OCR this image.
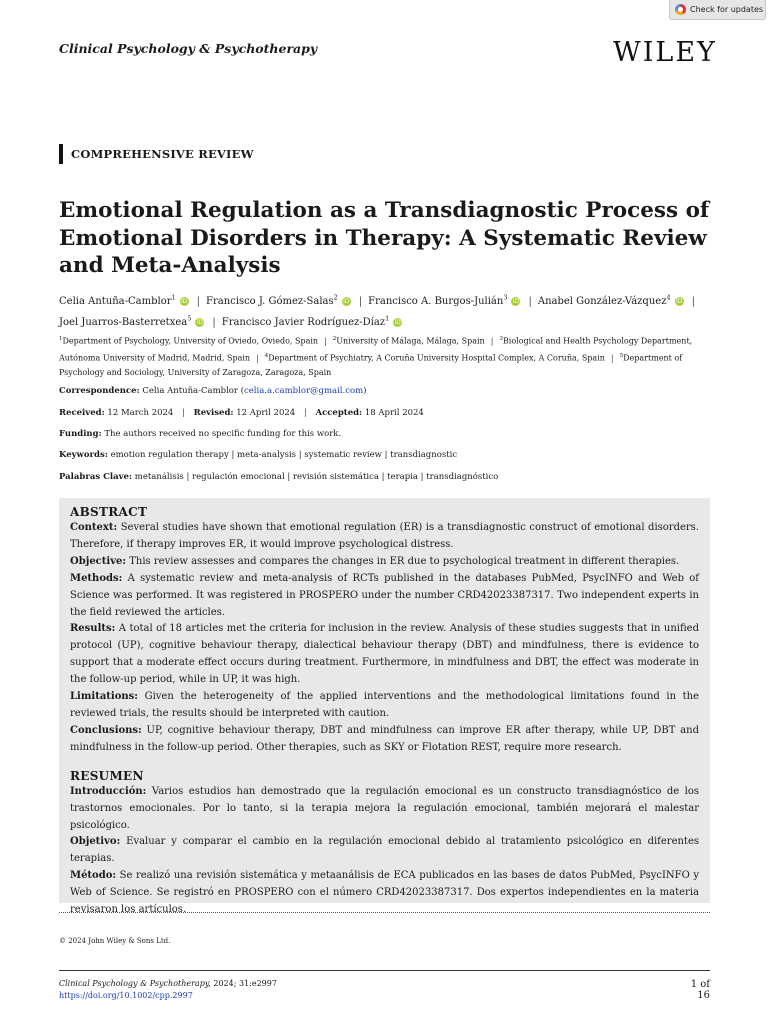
Check for updates
Clinical Psychology & Psychotherapy	WILEY
COMPREHENSIVE REVIEW
Emotional Regulation as a Transdiagnostic Process of Emotional Disorders in Therapy: A Systematic Review and Meta-Analysis
Celia Antuña-Camblor$^1$ iD | Francisco J. Gómez-Salas$^2$ iD | Francisco A. Burgos-Julián$^3$ iD | Anabel González-Vázquez$^4$ iD |
Joel Juarros-Basterretxea$^5$ iD | Francisco Javier Rodríguez-Díaz$^1$ iD
$^1$Department of Psychology, University of Oviedo, Oviedo, Spain | $^2$University of Málaga, Málaga, Spain | $^3$Biological and Health Psychology Department, Autónoma University of Madrid, Madrid, Spain | $^4$Department of Psychiatry, A Coruña University Hospital Complex, A Coruña, Spain | $^5$Department of Psychology and Sociology, University of Zaragoza, Zaragoza, Spain
Correspondence: Celia Antuña-Camblor (celia.a.camblor@gmail.com)
Received: 12 March 2024 | Revised: 12 April 2024 | Accepted: 18 April 2024
Funding: The authors received no specific funding for this work.
Keywords: emotion regulation therapy | meta-analysis | systematic review | transdiagnostic
Palabras Clave: metanálisis | regulación emocional | revisión sistemática | terapia | transdiagnóstico
ABSTRACT

Context: Several studies have shown that emotional regulation (ER) is a transdiagnostic construct of emotional disorders. Therefore, if therapy improves ER, it would improve psychological distress.

Objective: This review assesses and compares the changes in ER due to psychological treatment in different therapies.

Methods: A systematic review and meta-analysis of RCTs published in the databases PubMed, PsycINFO and Web of Science was performed. It was registered in PROSPERO under the number CRD42023387317. Two independent experts in the field reviewed the articles.

Results: A total of 18 articles met the criteria for inclusion in the review. Analysis of these studies suggests that in unified protocol (UP), cognitive behaviour therapy, dialectical behaviour therapy (DBT) and mindfulness, there is evidence to support that a moderate effect occurs during treatment. Furthermore, in mindfulness and DBT, the effect was moderate in the follow-up period, while in UP, it was high.

Limitations: Given the heterogeneity of the applied interventions and the methodological limitations found in the reviewed trials, the results should be interpreted with caution.

Conclusions: UP, cognitive behaviour therapy, DBT and mindfulness can improve ER after therapy, while UP, DBT and mindfulness in the follow-up period. Other therapies, such as SKY or Flotation REST, require more research.

RESUMEN

Introducción: Varios estudios han demostrado que la regulación emocional es un constructo transdiagnóstico de los trastornos emocionales. Por lo tanto, si la terapia mejora la regulación emocional, también mejorará el malestar psicológico.

Objetivo: Evaluar y comparar el cambio en la regulación emocional debido al tratamiento psicológico en diferentes terapias.

Método: Se realizó una revisión sistemática y metaanálisis de ECA publicados en las bases de datos PubMed, PsycINFO y Web of Science. Se registró en PROSPERO con el número CRD42023387317. Dos expertos independientes en la materia revisaron los artículos.

© 2024 John Wiley & Sons Ltd.
Clinical Psychology & Psychotherapy, 2024; 31:e2997
https://doi.org/10.1002/cpp.2997
1 of 16
